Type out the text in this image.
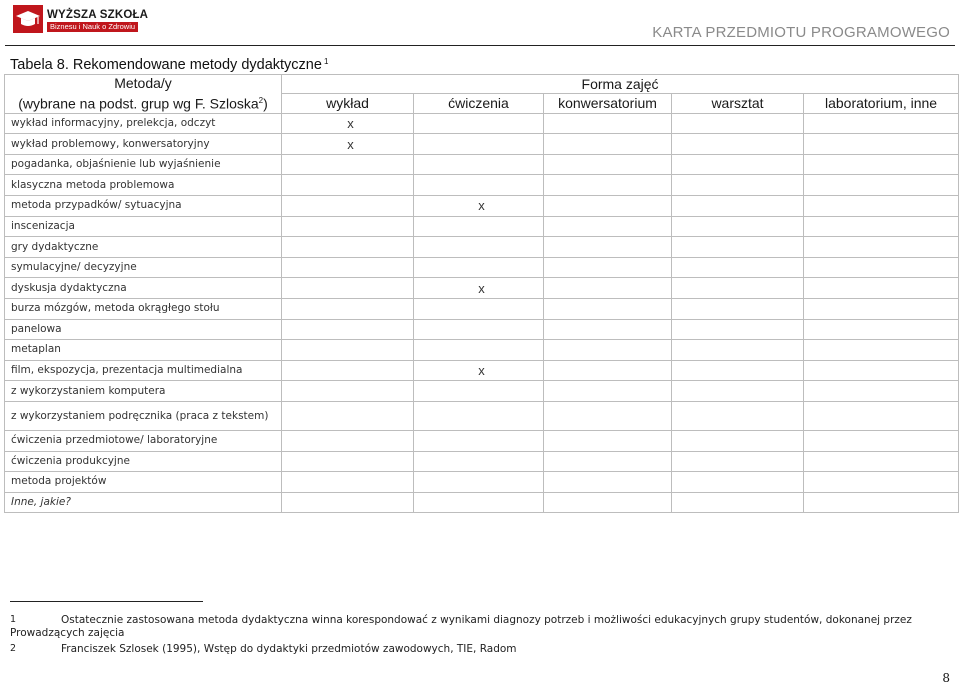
WYŻSZA SZKOŁA
Biznesu i Nauk o Zdrowiu	KARTA PRZEDMIOTU PROGRAMOWEGO
Tabela 8. Rekomendowane metody dydaktyczne $^1$
Metoda/y
(wybrane na podst. grup wg F. Szloska$^2$)	Forma zajęć				
	wykład	ćwiczenia	konwersatorium	warsztat	laboratorium, inne
wykład informacyjny, prelekcja, odczyt	x				
wykład problemowy, konwersatoryjny	x				
pogadanka, objaśnienie lub wyjaśnienie					
klasyczna metoda problemowa					
metoda przypadków/ sytuacyjna		x			
inscenizacja					
gry dydaktyczne					
symulacyjne/ decyzyjne					
dyskusja dydaktyczna		x			
burza mózgów, metoda okrągłego stołu					
panelowa					
metaplan					
film, ekspozycja, prezentacja multimedialna		x			
z wykorzystaniem komputera					
z wykorzystaniem podręcznika (praca z tekstem)					
ćwiczenia przedmiotowe/ laboratoryjne					
ćwiczenia produkcyjne					
metoda projektów					
Inne, jakie?					
1	Ostatecznie zastosowana metoda dydaktyczna winna korespondować z wynikami diagnozy potrzeb i możliwości edukacyjnych grupy studentów, dokonanej przez
Prowadzących zajęcia
2	Franciszek Szlosek (1995), Wstęp do dydaktyki przedmiotów zawodowych, TIE, Radom
8
